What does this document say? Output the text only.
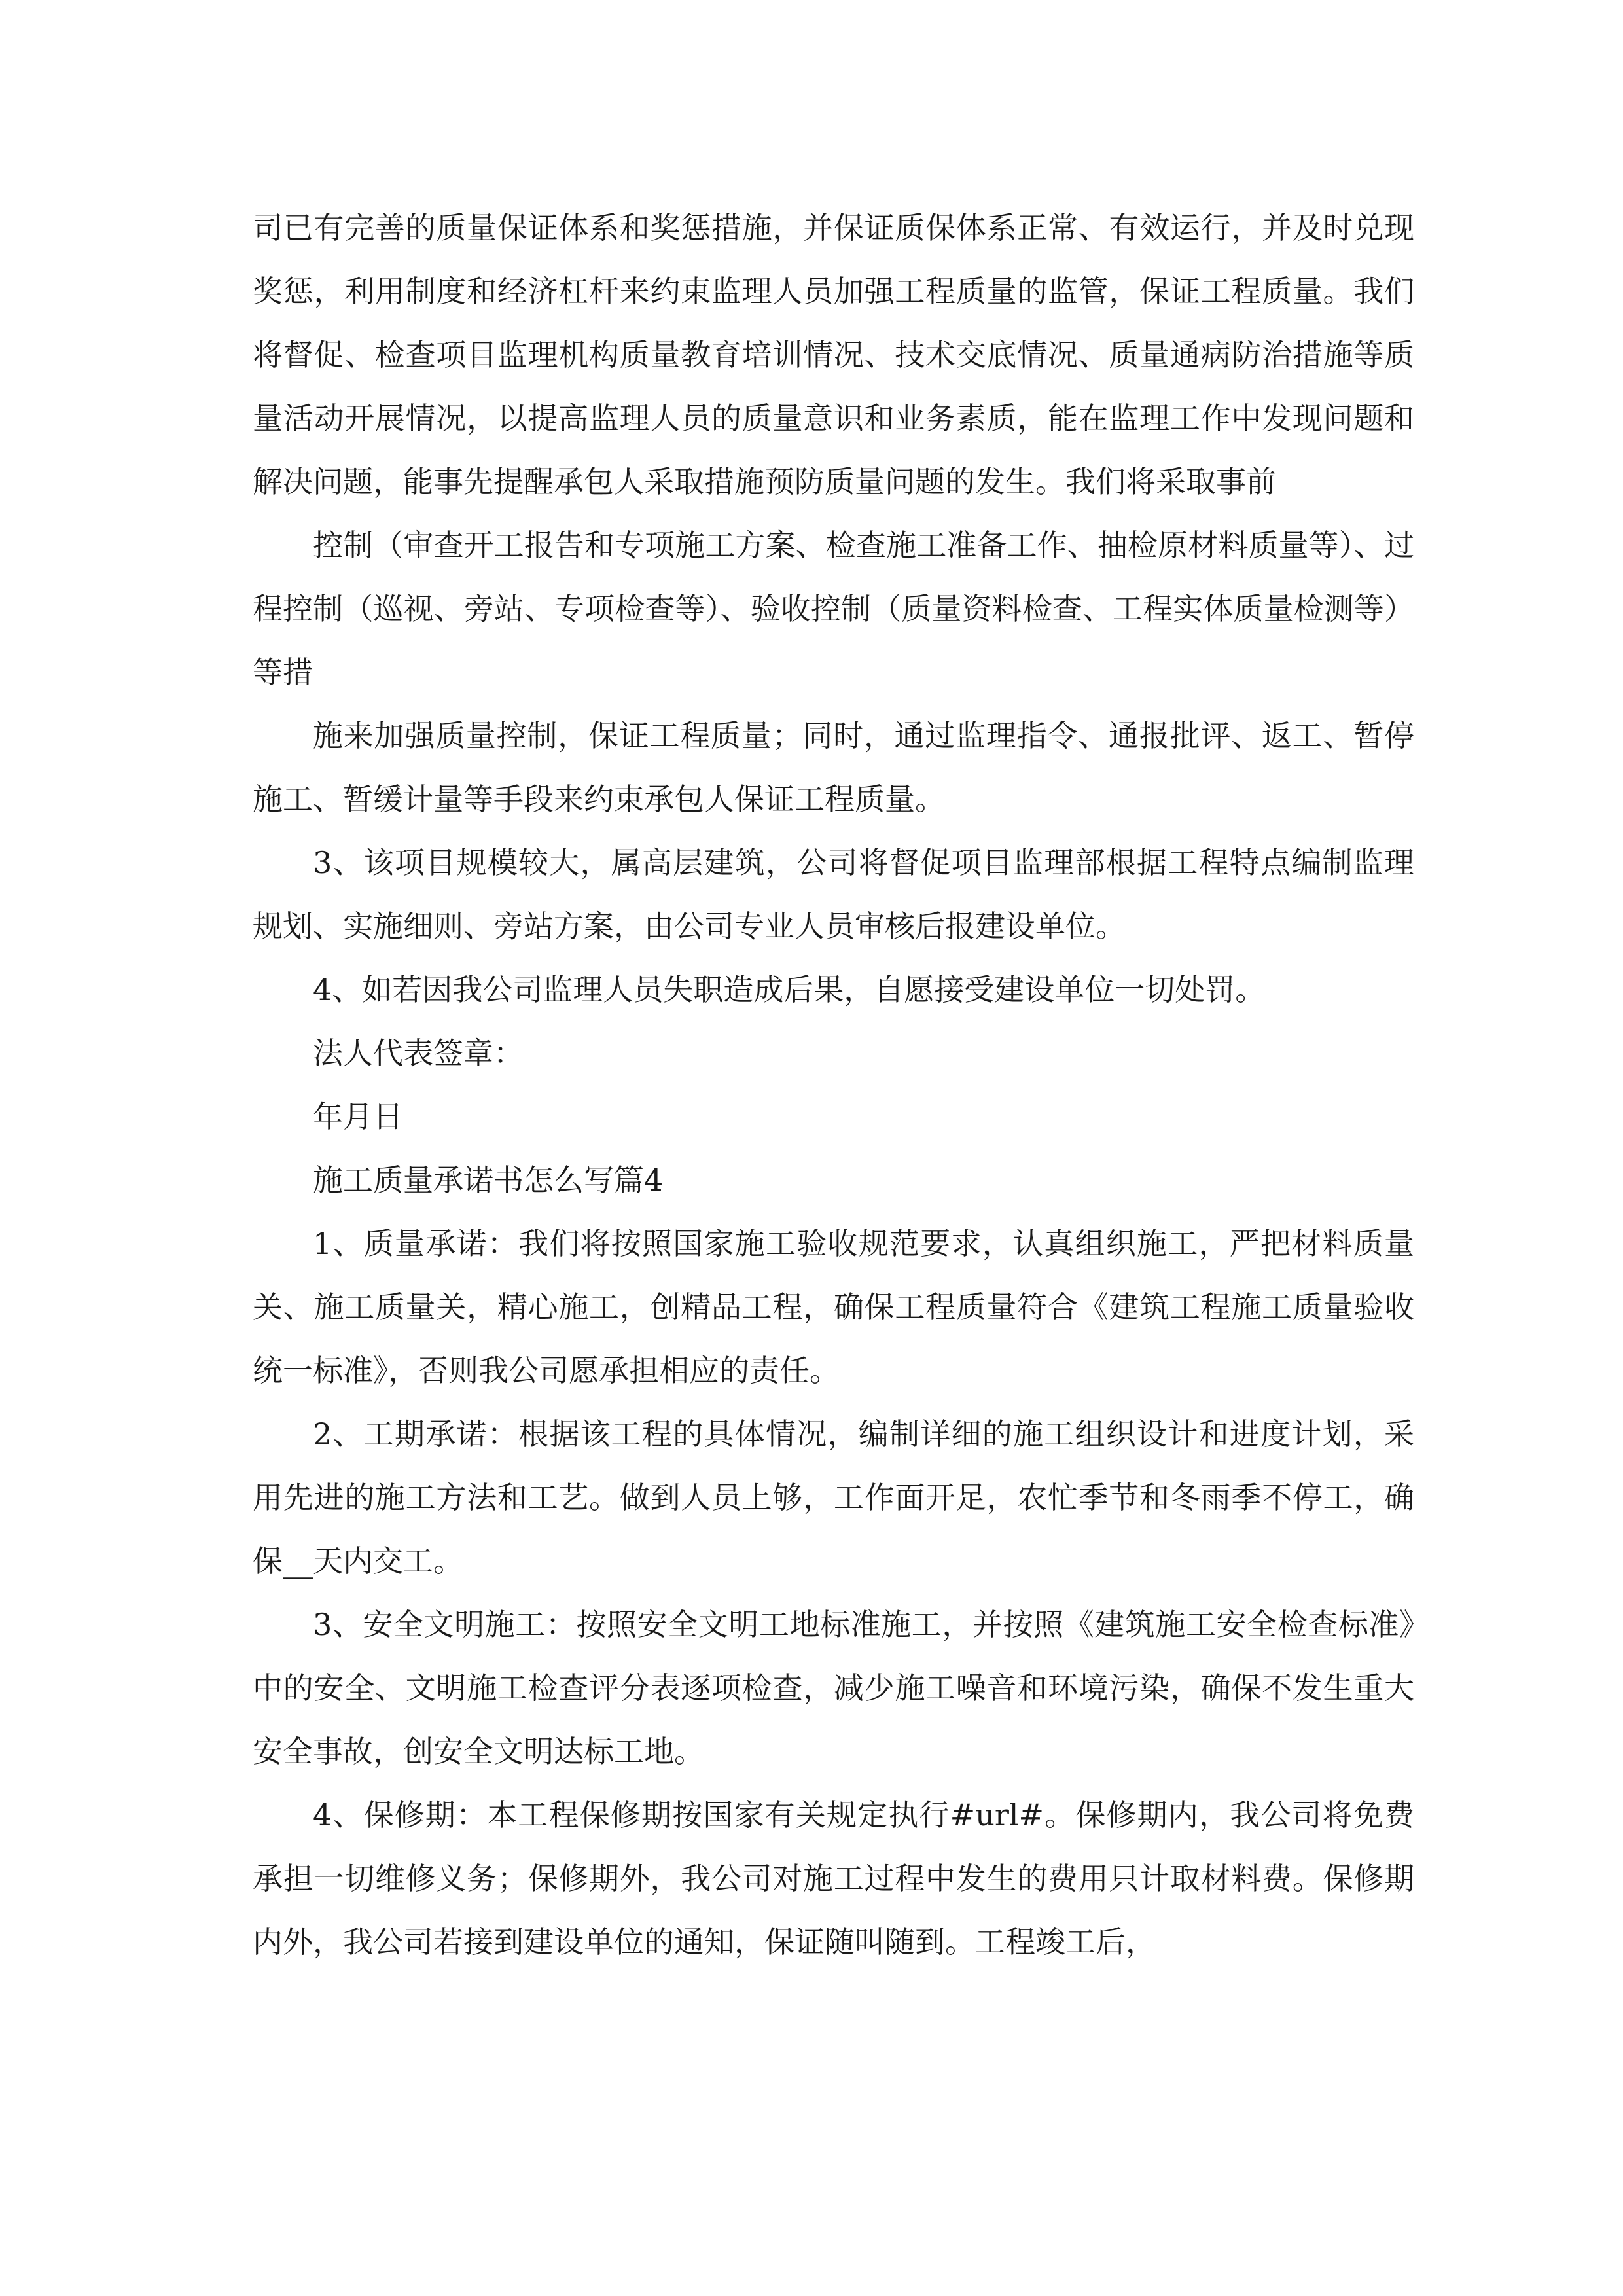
司已有完善的质量保证体系和奖惩措施，并保证质保体系正常、有效运行，并及时兑现奖惩，利用制度和经济杠杆来约束监理人员加强工程质量的监管，保证工程质量。我们将督促、检查项目监理机构质量教育培训情况、技术交底情况、质量通病防治措施等质量活动开展情况，以提高监理人员的质量意识和业务素质，能在监理工作中发现问题和解决问题，能事先提醒承包人采取措施预防质量问题的发生。我们将采取事前

控制（审查开工报告和专项施工方案、检查施工准备工作、抽检原材料质量等）、过程控制（巡视、旁站、专项检查等）、验收控制（质量资料检查、工程实体质量检测等）等措

施来加强质量控制，保证工程质量；同时，通过监理指令、通报批评、返工、暂停施工、暂缓计量等手段来约束承包人保证工程质量。

3、该项目规模较大，属高层建筑，公司将督促项目监理部根据工程特点编制监理规划、实施细则、旁站方案，由公司专业人员审核后报建设单位。

4、如若因我公司监理人员失职造成后果，自愿接受建设单位一切处罚。

法人代表签章：

年月日

施工质量承诺书怎么写篇4

1、质量承诺：我们将按照国家施工验收规范要求，认真组织施工，严把材料质量关、施工质量关，精心施工，创精品工程，确保工程质量符合《建筑工程施工质量验收统一标准》，否则我公司愿承担相应的责任。

2、工期承诺：根据该工程的具体情况，编制详细的施工组织设计和进度计划，采用先进的施工方法和工艺。做到人员上够，工作面开足，农忙季节和冬雨季不停工，确保__天内交工。

3、安全文明施工：按照安全文明工地标准施工，并按照《建筑施工安全检查标准》中的安全、文明施工检查评分表逐项检查，减少施工噪音和环境污染，确保不发生重大安全事故，创安全文明达标工地。

4、保修期：本工程保修期按国家有关规定执行#url#。保修期内，我公司将免费承担一切维修义务；保修期外，我公司对施工过程中发生的费用只计取材料费。保修期内外，我公司若接到建设单位的通知，保证随叫随到。工程竣工后，
